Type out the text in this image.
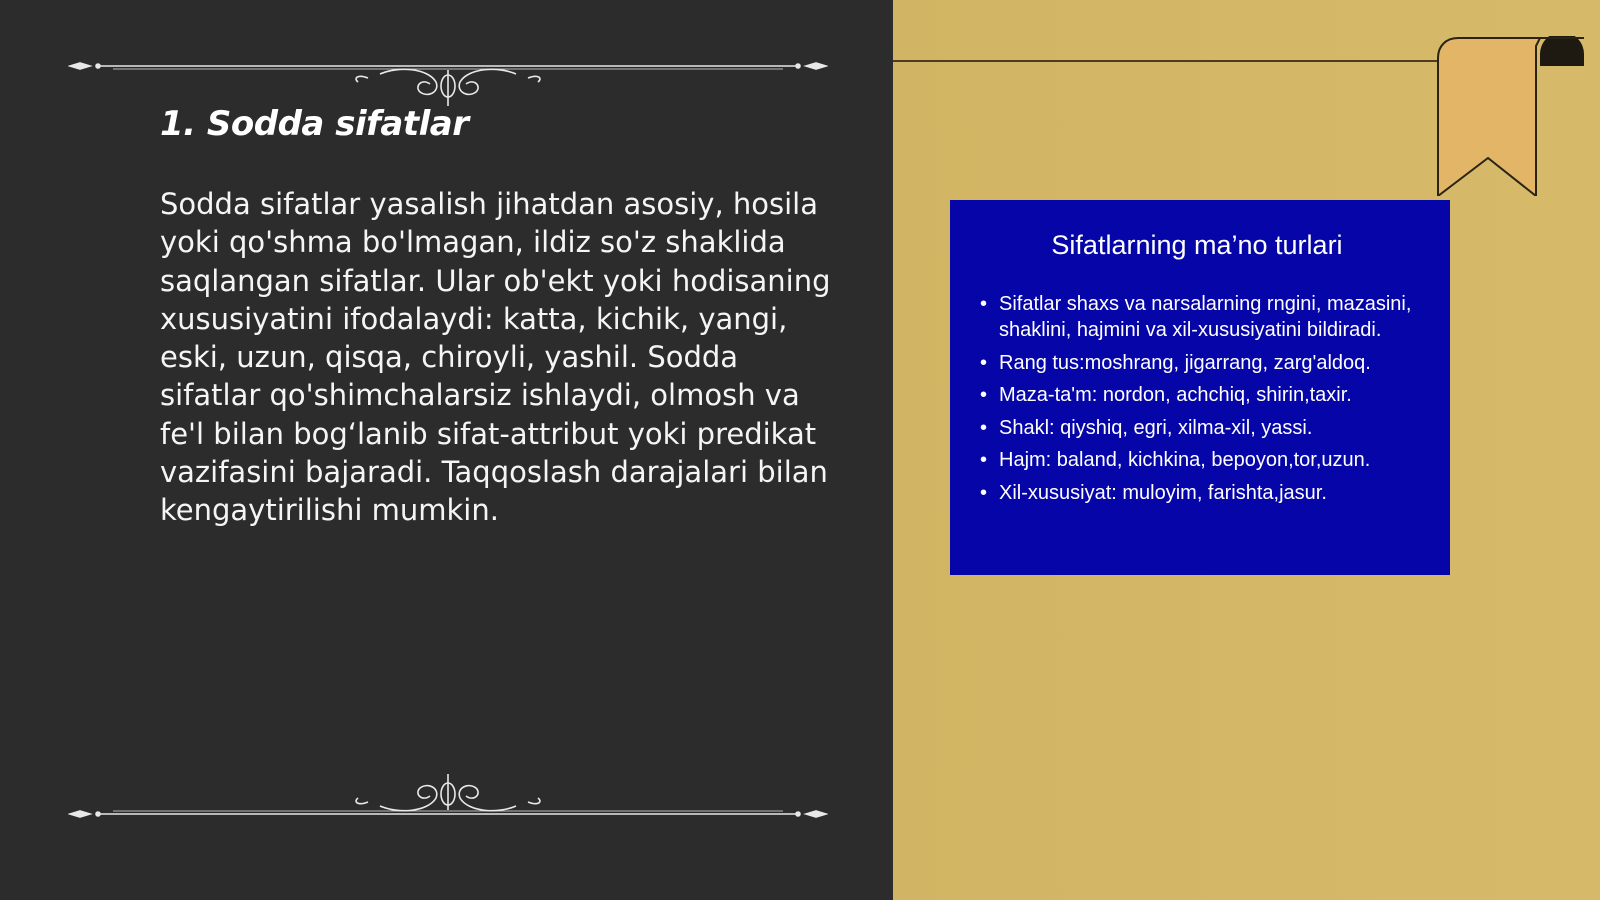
1. Sodda sifatlar
Sodda sifatlar yasalish jihatdan asosiy, hosila yoki qo'shma bo'lmagan, ildiz so'z shaklida saqlangan sifatlar. Ular ob'ekt yoki hodisaning xususiyatini ifodalaydi: katta, kichik, yangi, eski, uzun, qisqa, chiroyli, yashil. Sodda sifatlar qo'shimchalarsiz ishlaydi, olmosh va fe'l bilan bog‘lanib sifat-attribut yoki predikat vazifasini bajaradi. Taqqoslash darajalari bilan kengaytirilishi mumkin.
Sifatlarning ma’no turlari
• Sifatlar shaxs va narsalarning rngini, mazasini, shaklini, hajmini va xil-xususiyatini bildiradi.
• Rang tus:moshrang, jigarrang, zarg'aldoq.
• Maza-ta'm: nordon, achchiq, shirin,taxir.
• Shakl: qiyshiq, egri, xilma-xil, yassi.
• Hajm: baland, kichkina, bepoyon,tor,uzun.
• Xil-xususiyat: muloyim, farishta,jasur.
